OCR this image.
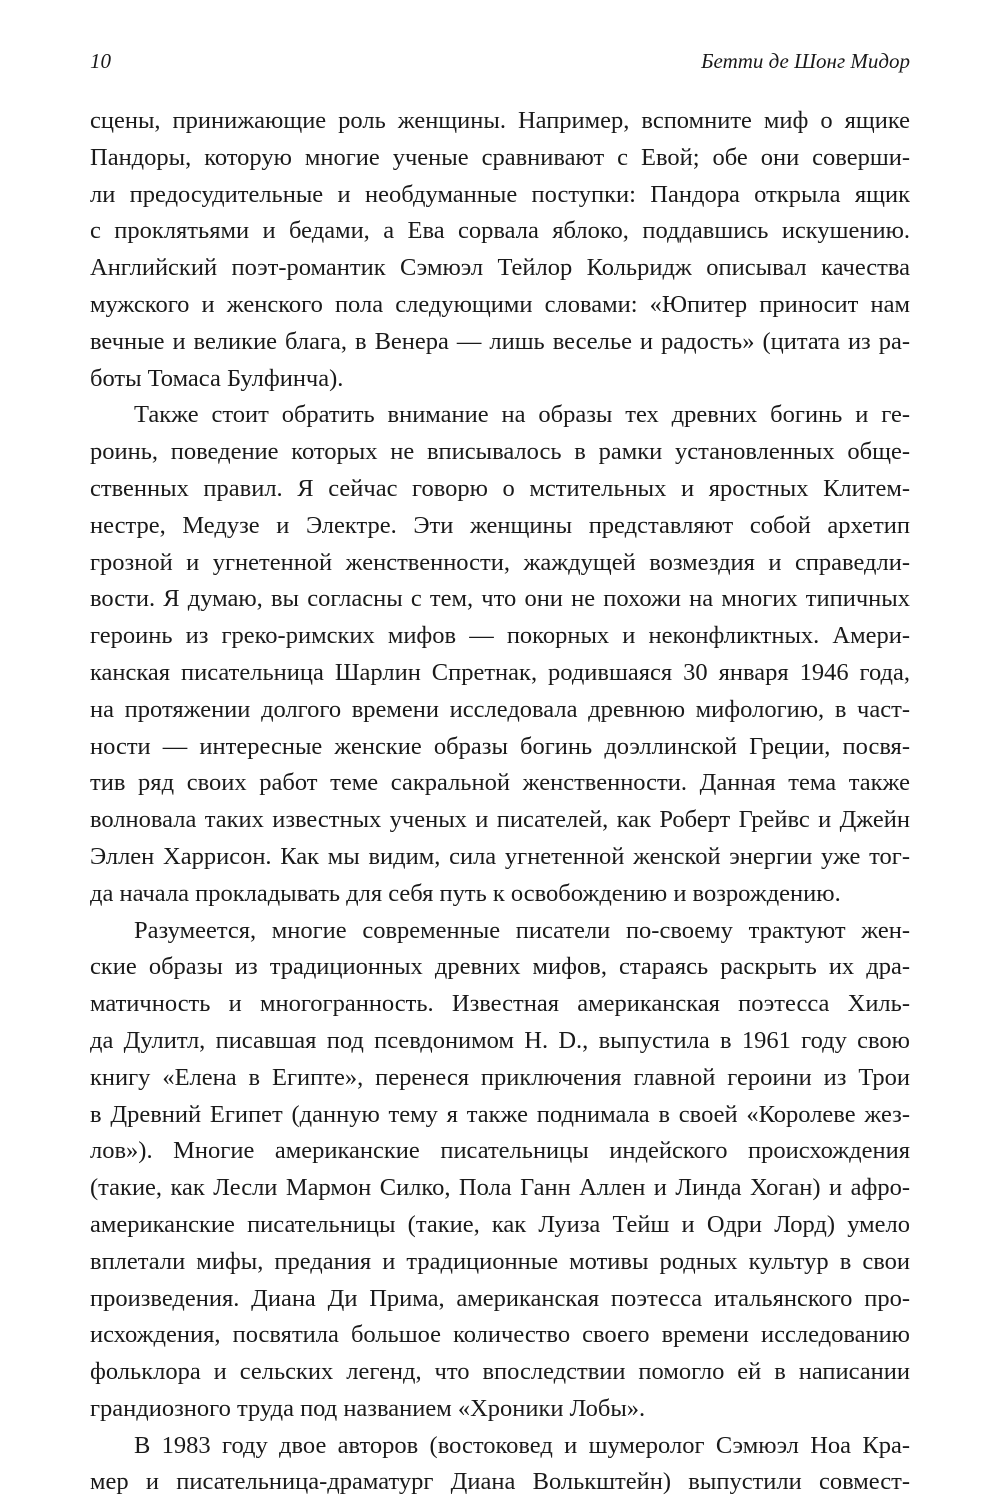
10	Бетти де Шонг Мидор
сцены, принижающие роль женщины. Например, вспомните миф о ящике
Пандоры, которую многие ученые сравнивают с Евой; обе они соверши-
ли предосудительные и необдуманные поступки: Пандора открыла ящик
с проклятьями и бедами, а Ева сорвала яблоко, поддавшись искушению.
Английский поэт-романтик Сэмюэл Тейлор Кольридж описывал качества
мужского и женского пола следующими словами: «Юпитер приносит нам
вечные и великие блага, в Венера — лишь веселье и радость» (цитата из ра-
боты Томаса Булфинча).
Также стоит обратить внимание на образы тех древних богинь и ге-
роинь, поведение которых не вписывалось в рамки установленных обще-
ственных правил. Я сейчас говорю о мстительных и яростных Клитем-
нестре, Медузе и Электре. Эти женщины представляют собой архетип
грозной и угнетенной женственности, жаждущей возмездия и справедли-
вости. Я думаю, вы согласны с тем, что они не похожи на многих типичных
героинь из греко-римских мифов — покорных и неконфликтных. Амери-
канская писательница Шарлин Спретнак, родившаяся 30 января 1946 года,
на протяжении долгого времени исследовала древнюю мифологию, в част-
ности — интересные женские образы богинь доэллинской Греции, посвя-
тив ряд своих работ теме сакральной женственности. Данная тема также
волновала таких известных ученых и писателей, как Роберт Грейвс и Джейн
Эллен Харрисон. Как мы видим, сила угнетенной женской энергии уже тог-
да начала прокладывать для себя путь к освобождению и возрождению.
Разумеется, многие современные писатели по-своему трактуют жен-
ские образы из традиционных древних мифов, стараясь раскрыть их дра-
матичность и многогранность. Известная американская поэтесса Хиль-
да Дулитл, писавшая под псевдонимом H. D., выпустила в 1961 году свою
книгу «Елена в Египте», перенеся приключения главной героини из Трои
в Древний Египет (данную тему я также поднимала в своей «Королеве жез-
лов»). Многие американские писательницы индейского происхождения
(такие, как Лесли Мармон Силко, Пола Ганн Аллен и Линда Хоган) и афро-
американские писательницы (такие, как Луиза Тейш и Одри Лорд) умело
вплетали мифы, предания и традиционные мотивы родных культур в свои
произведения. Диана Ди Прима, американская поэтесса итальянского про-
исхождения, посвятила большое количество своего времени исследованию
фольклора и сельских легенд, что впоследствии помогло ей в написании
грандиозного труда под названием «Хроники Лобы».
В 1983 году двое авторов (востоковед и шумеролог Сэмюэл Ноа Кра-
мер и писательница-драматург Диана Волькштейн) выпустили совмест-
